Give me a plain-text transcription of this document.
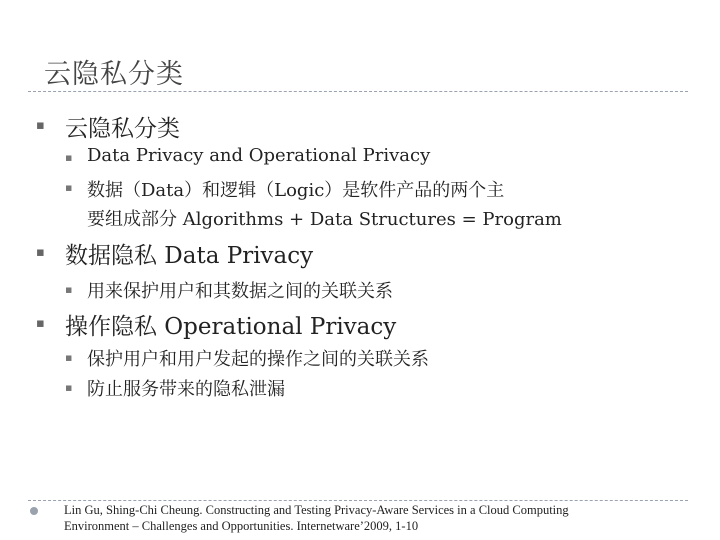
云隐私分类
▪ 云隐私分类
▪ Data Privacy and Operational Privacy
▪ 数据（Data）和逻辑（Logic）是软件产品的两个主
要组成部分 Algorithms + Data Structures = Program
▪ 数据隐私 Data Privacy
▪ 用来保护用户和其数据之间的关联关系
▪ 操作隐私 Operational Privacy
▪ 保护用户和用户发起的操作之间的关联关系
▪ 防止服务带来的隐私泄漏
Lin Gu, Shing-Chi Cheung. Constructing and Testing Privacy-Aware Services in a Cloud Computing
Environment – Challenges and Opportunities. Internetware’2009, 1-10
